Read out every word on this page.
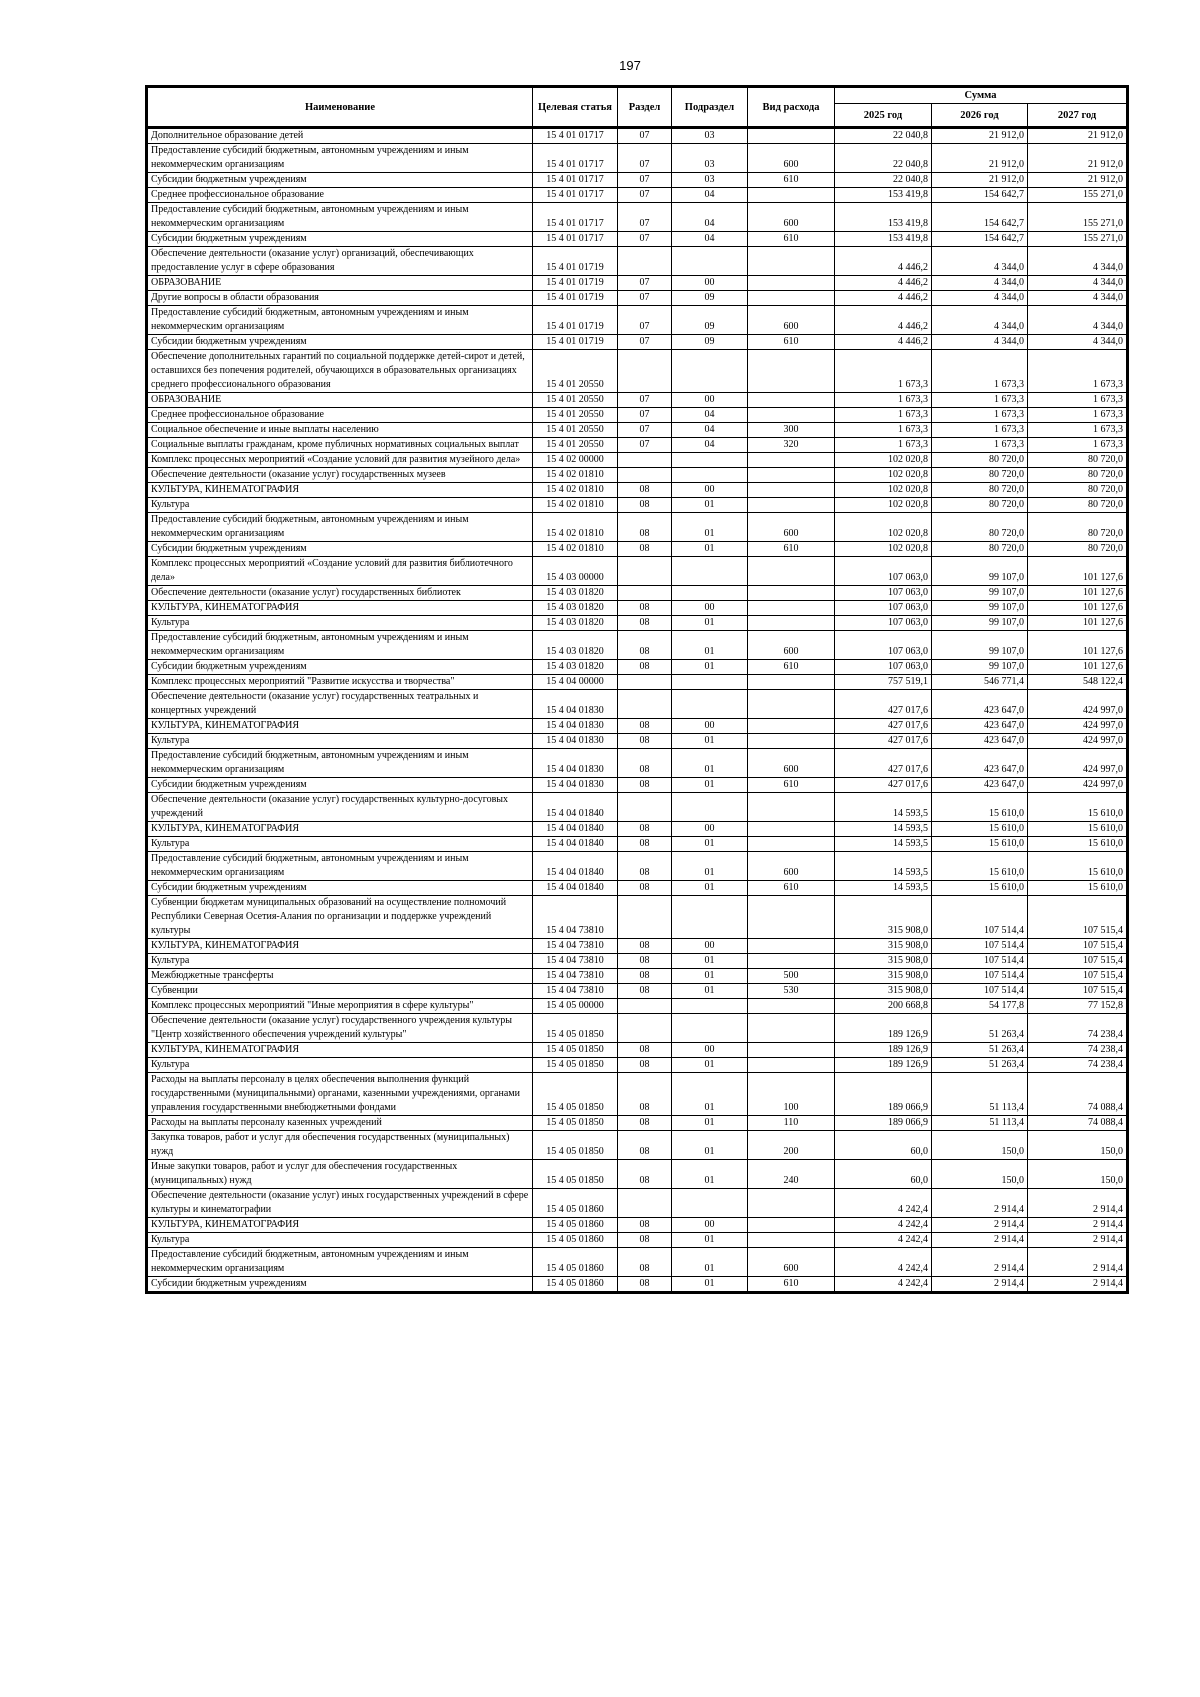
197
Наименование	Целевая статья	Раздел	Подраздел	Вид расхода	Сумма		
					2025 год	2026 год	2027 год
Дополнительное образование детей	15 4 01 01717	07	03		22 040,8	21 912,0	21 912,0
Предоставление субсидий бюджетным, автономным учреждениям и иным некоммерческим организациям	15 4 01 01717	07	03	600	22 040,8	21 912,0	21 912,0
Субсидии бюджетным учреждениям	15 4 01 01717	07	03	610	22 040,8	21 912,0	21 912,0
Среднее профессиональное образование	15 4 01 01717	07	04		153 419,8	154 642,7	155 271,0
Предоставление субсидий бюджетным, автономным учреждениям и иным некоммерческим организациям	15 4 01 01717	07	04	600	153 419,8	154 642,7	155 271,0
Субсидии бюджетным учреждениям	15 4 01 01717	07	04	610	153 419,8	154 642,7	155 271,0
Обеспечение деятельности (оказание услуг) организаций, обеспечивающих предоставление услуг в сфере образования	15 4 01 01719				4 446,2	4 344,0	4 344,0
ОБРАЗОВАНИЕ	15 4 01 01719	07	00		4 446,2	4 344,0	4 344,0
Другие вопросы в области образования	15 4 01 01719	07	09		4 446,2	4 344,0	4 344,0
Предоставление субсидий бюджетным, автономным учреждениям и иным некоммерческим организациям	15 4 01 01719	07	09	600	4 446,2	4 344,0	4 344,0
Субсидии бюджетным учреждениям	15 4 01 01719	07	09	610	4 446,2	4 344,0	4 344,0
Обеспечение дополнительных гарантий по социальной поддержке детей-сирот и детей, оставшихся без попечения родителей, обучающихся в образовательных организациях среднего профессионального образования	15 4 01 20550				1 673,3	1 673,3	1 673,3
ОБРАЗОВАНИЕ	15 4 01 20550	07	00		1 673,3	1 673,3	1 673,3
Среднее профессиональное образование	15 4 01 20550	07	04		1 673,3	1 673,3	1 673,3
Социальное обеспечение и иные выплаты населению	15 4 01 20550	07	04	300	1 673,3	1 673,3	1 673,3
Социальные выплаты гражданам, кроме публичных нормативных социальных выплат	15 4 01 20550	07	04	320	1 673,3	1 673,3	1 673,3
Комплекс процессных мероприятий «Создание условий для развития музейного дела»	15 4 02 00000				102 020,8	80 720,0	80 720,0
Обеспечение деятельности (оказание услуг) государственных музеев	15 4 02 01810				102 020,8	80 720,0	80 720,0
КУЛЬТУРА, КИНЕМАТОГРАФИЯ	15 4 02 01810	08	00		102 020,8	80 720,0	80 720,0
Культура	15 4 02 01810	08	01		102 020,8	80 720,0	80 720,0
Предоставление субсидий бюджетным, автономным учреждениям и иным некоммерческим организациям	15 4 02 01810	08	01	600	102 020,8	80 720,0	80 720,0
Субсидии бюджетным учреждениям	15 4 02 01810	08	01	610	102 020,8	80 720,0	80 720,0
Комплекс процессных мероприятий «Создание условий для развития библиотечного дела»	15 4 03 00000				107 063,0	99 107,0	101 127,6
Обеспечение деятельности (оказание услуг) государственных библиотек	15 4 03 01820				107 063,0	99 107,0	101 127,6
КУЛЬТУРА, КИНЕМАТОГРАФИЯ	15 4 03 01820	08	00		107 063,0	99 107,0	101 127,6
Культура	15 4 03 01820	08	01		107 063,0	99 107,0	101 127,6
Предоставление субсидий бюджетным, автономным учреждениям и иным некоммерческим организациям	15 4 03 01820	08	01	600	107 063,0	99 107,0	101 127,6
Субсидии бюджетным учреждениям	15 4 03 01820	08	01	610	107 063,0	99 107,0	101 127,6
Комплекс процессных мероприятий "Развитие искусства и творчества"	15 4 04 00000				757 519,1	546 771,4	548 122,4
Обеспечение деятельности (оказание услуг) государственных театральных и концертных учреждений	15 4 04 01830				427 017,6	423 647,0	424 997,0
КУЛЬТУРА, КИНЕМАТОГРАФИЯ	15 4 04 01830	08	00		427 017,6	423 647,0	424 997,0
Культура	15 4 04 01830	08	01		427 017,6	423 647,0	424 997,0
Предоставление субсидий бюджетным, автономным учреждениям и иным некоммерческим организациям	15 4 04 01830	08	01	600	427 017,6	423 647,0	424 997,0
Субсидии бюджетным учреждениям	15 4 04 01830	08	01	610	427 017,6	423 647,0	424 997,0
Обеспечение деятельности (оказание услуг) государственных культурно-досуговых учреждений	15 4 04 01840				14 593,5	15 610,0	15 610,0
КУЛЬТУРА, КИНЕМАТОГРАФИЯ	15 4 04 01840	08	00		14 593,5	15 610,0	15 610,0
Культура	15 4 04 01840	08	01		14 593,5	15 610,0	15 610,0
Предоставление субсидий бюджетным, автономным учреждениям и иным некоммерческим организациям	15 4 04 01840	08	01	600	14 593,5	15 610,0	15 610,0
Субсидии бюджетным учреждениям	15 4 04 01840	08	01	610	14 593,5	15 610,0	15 610,0
Субвенции бюджетам муниципальных образований на осуществление полномочий Республики Северная Осетия-Алания по организации и поддержке учреждений культуры	15 4 04 73810				315 908,0	107 514,4	107 515,4
КУЛЬТУРА, КИНЕМАТОГРАФИЯ	15 4 04 73810	08	00		315 908,0	107 514,4	107 515,4
Культура	15 4 04 73810	08	01		315 908,0	107 514,4	107 515,4
Межбюджетные трансферты	15 4 04 73810	08	01	500	315 908,0	107 514,4	107 515,4
Субвенции	15 4 04 73810	08	01	530	315 908,0	107 514,4	107 515,4
Комплекс процессных мероприятий "Иные мероприятия в сфере культуры"	15 4 05 00000				200 668,8	54 177,8	77 152,8
Обеспечение деятельности (оказание услуг) государственного учреждения культуры "Центр хозяйственного обеспечения учреждений культуры"	15 4 05 01850				189 126,9	51 263,4	74 238,4
КУЛЬТУРА, КИНЕМАТОГРАФИЯ	15 4 05 01850	08	00		189 126,9	51 263,4	74 238,4
Культура	15 4 05 01850	08	01		189 126,9	51 263,4	74 238,4
Расходы на выплаты персоналу в целях обеспечения выполнения функций государственными (муниципальными) органами, казенными учреждениями, органами управления государственными внебюджетными фондами	15 4 05 01850	08	01	100	189 066,9	51 113,4	74 088,4
Расходы на выплаты персоналу казенных учреждений	15 4 05 01850	08	01	110	189 066,9	51 113,4	74 088,4
Закупка товаров, работ и услуг для обеспечения государственных (муниципальных) нужд	15 4 05 01850	08	01	200	60,0	150,0	150,0
Иные закупки товаров, работ и услуг для обеспечения государственных (муниципальных) нужд	15 4 05 01850	08	01	240	60,0	150,0	150,0
Обеспечение деятельности (оказание услуг) иных государственных учреждений в сфере культуры и кинематографии	15 4 05 01860				4 242,4	2 914,4	2 914,4
КУЛЬТУРА, КИНЕМАТОГРАФИЯ	15 4 05 01860	08	00		4 242,4	2 914,4	2 914,4
Культура	15 4 05 01860	08	01		4 242,4	2 914,4	2 914,4
Предоставление субсидий бюджетным, автономным учреждениям и иным некоммерческим организациям	15 4 05 01860	08	01	600	4 242,4	2 914,4	2 914,4
Субсидии бюджетным учреждениям	15 4 05 01860	08	01	610	4 242,4	2 914,4	2 914,4
